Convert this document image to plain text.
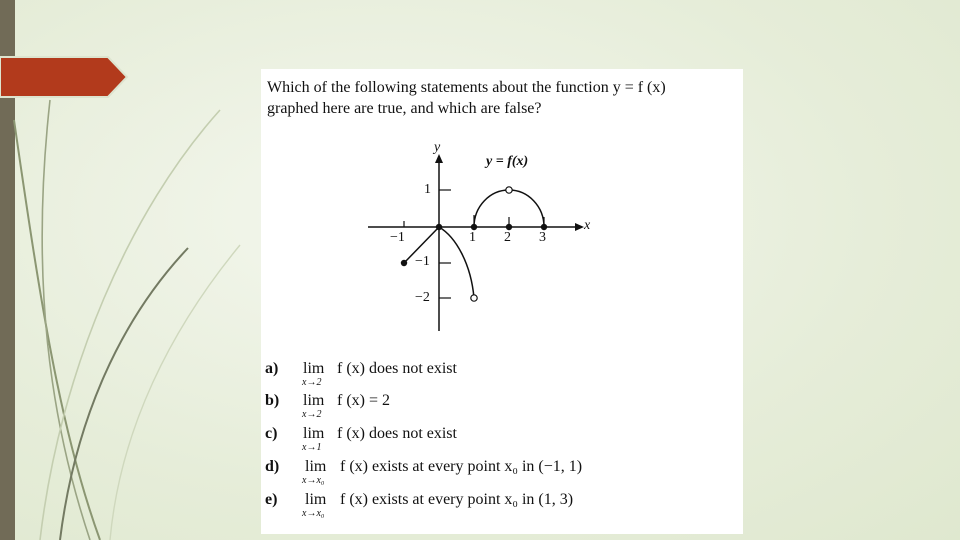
Which of the following statements about the function y = f (x)
graphed here are true, and which are false?
y
x
y = f(x)
1
−1
−2
−1	1 2 3
a) lim
x→2
f (x) does not exist
b) lim
x→2
f (x) = 2
c) lim
x→1
f (x) does not exist
d) lim
x→x₀
f (x) exists at every point x₀ in (−1, 1)
e) lim
x→x₀
f (x) exists at every point x₀ in (1, 3)
